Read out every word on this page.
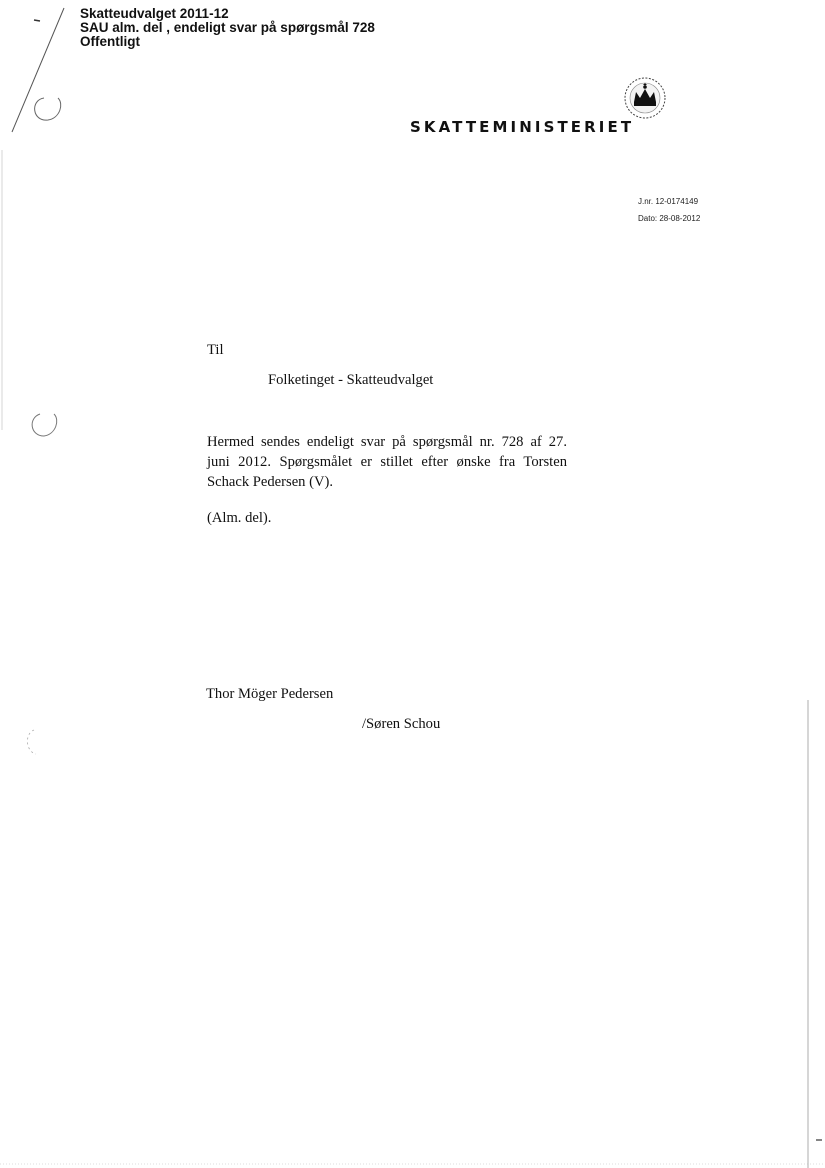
Skatteudvalget 2011-12
SAU alm. del , endeligt svar på spørgsmål 728
Offentligt
SKATTEMINISTERIET
J.nr. 12-0174149
Dato: 28-08-2012
Til
Folketinget - Skatteudvalget
Hermed sendes endeligt svar på spørgsmål nr. 728 af 27.
juni 2012. Spørgsmålet er stillet efter ønske fra Torsten
Schack Pedersen (V).
(Alm. del).
Thor Möger Pedersen
/Søren Schou
